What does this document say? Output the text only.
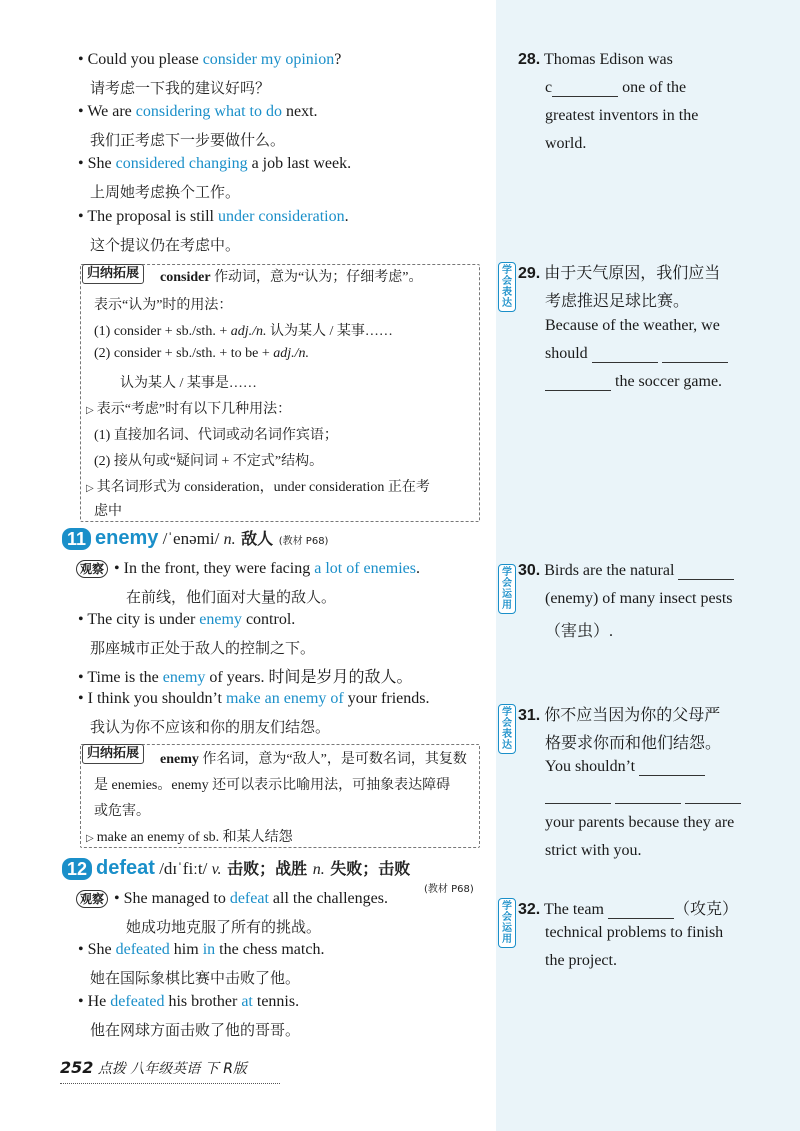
• Could you please consider my opinion?
请考虑一下我的建议好吗？
• We are considering what to do next.
我们正考虑下一步要做什么。
• She considered changing a job last week.
上周她考虑换个工作。
• The proposal is still under consideration.
这个提议仍在考虑中。
归纳拓展	consider 作动词，意为“认为；仔细考虑”。
表示“认为”时的用法：
(1) consider + sb./sth. + adj./n. 认为某人 / 某事……
(2) consider + sb./sth. + to be + adj./n.
认为某人 / 某事是……
▷ 表示“考虑”时有以下几种用法：
(1) 直接加名词、代词或动名词作宾语；
(2) 接从句或“疑问词 + 不定式”结构。
▷ 其名词形式为 consideration，under consideration 正在考
虑中
11 enemy /ˈenəmi/ n. 敌人 (教材 P68)
观察 • In the front, they were facing a lot of enemies.
在前线，他们面对大量的敌人。
• The city is under enemy control.
那座城市正处于敌人的控制之下。
• Time is the enemy of years. 时间是岁月的敌人。
• I think you shouldn’t make an enemy of your friends.
我认为你不应该和你的朋友们结怨。
归纳拓展	enemy 作名词，意为“敌人”，是可数名词，其复数
是 enemies。enemy 还可以表示比喻用法，可抽象表达障碍
或危害。
▷ make an enemy of sb. 和某人结怨
12 defeat /dɪˈfiːt/ v. 击败；战胜 n. 失败；击败
(教材 P68)
观察 • She managed to defeat all the challenges.
她成功地克服了所有的挑战。
• She defeated him in the chess match.
她在国际象棋比赛中击败了他。
• He defeated his brother at tennis.
他在网球方面击败了他的哥哥。
252 点拨 八年级英语 下 R版
28. Thomas Edison was
c	one of the
greatest inventors in the
world.
学会表达
29. 由于天气原因，我们应当
考虑推迟足球比赛。
Because of the weather, we
should
the soccer game.
学会运用
30. Birds are the natural
(enemy) of many insect pests
（害虫）.
学会表达
31. 你不应当因为你的父母严
格要求你而和他们结怨。
You shouldn’t

your parents because they are
strict with you.
学会运用
32. The team	（攻克）
technical problems to finish
the project.
